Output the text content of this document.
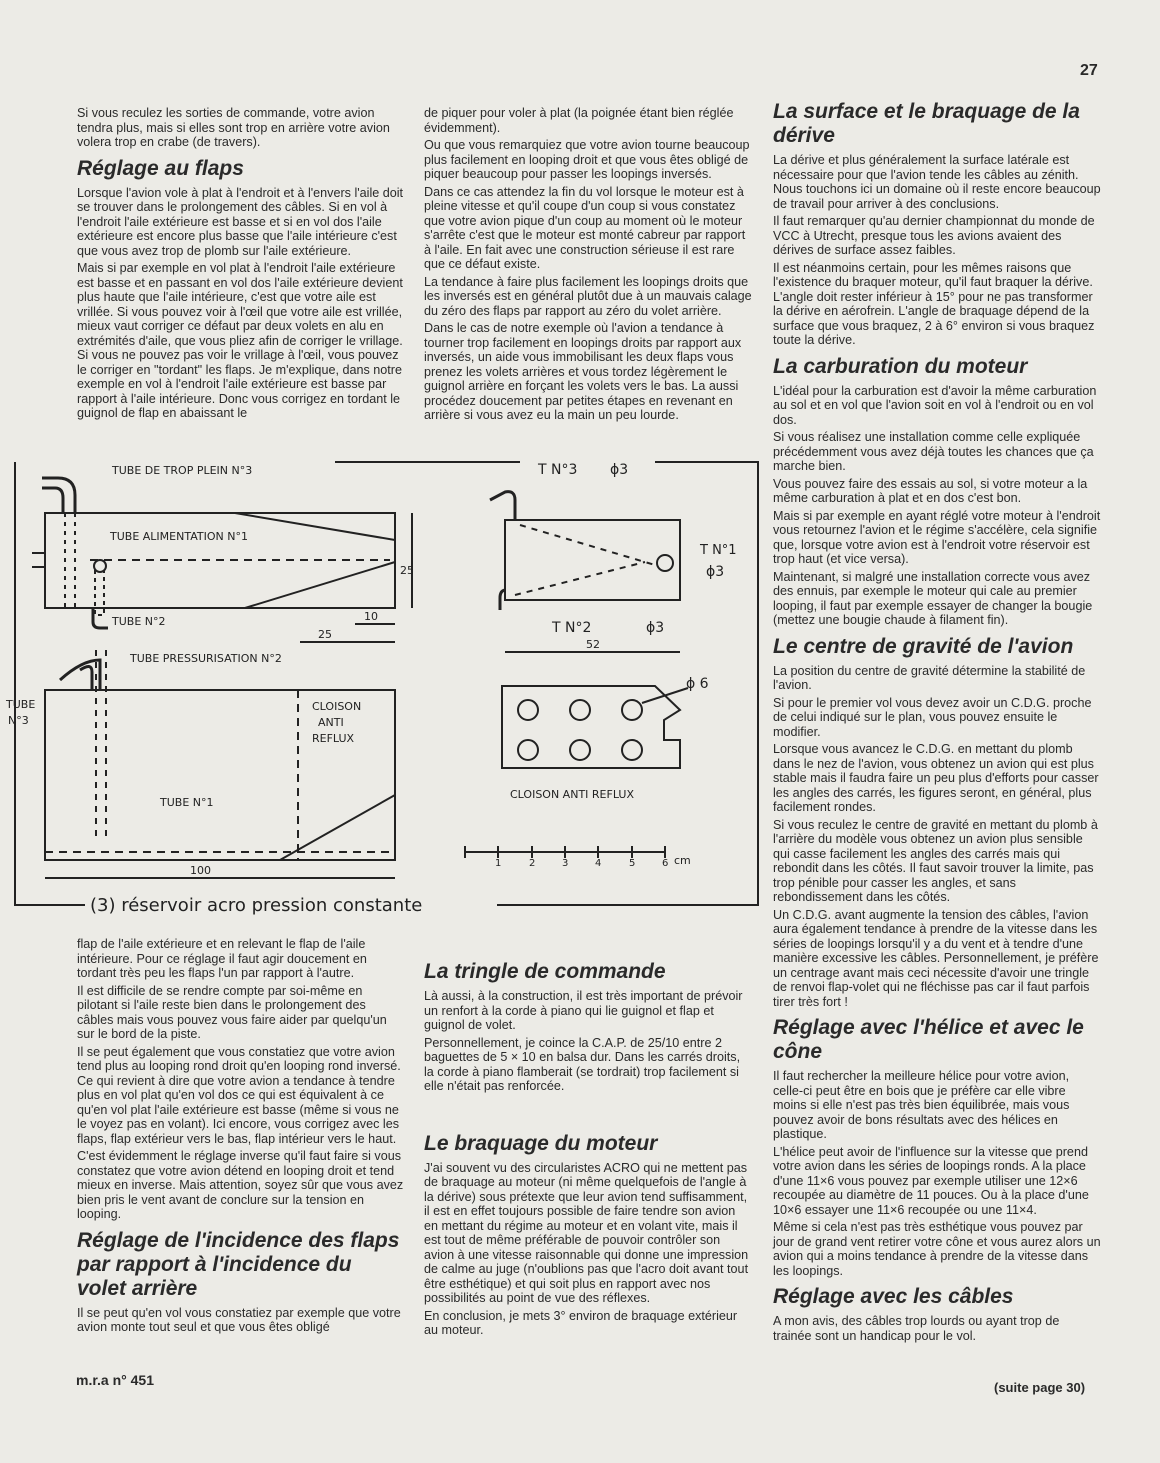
27

Si vous reculez les sorties de commande, votre avion tendra plus, mais si elles sont trop en arrière votre avion volera trop en crabe (de travers).

Réglage au flaps

Lorsque l'avion vole à plat à l'endroit et à l'envers l'aile doit se trouver dans le prolongement des câbles. Si en vol à l'endroit l'aile extérieure est basse et si en vol dos l'aile extérieure est encore plus basse que l'aile intérieure c'est que vous avez trop de plomb sur l'aile extérieure.

Mais si par exemple en vol plat à l'endroit l'aile extérieure est basse et en passant en vol dos l'aile extérieure devient plus haute que l'aile intérieure, c'est que votre aile est vrillée. Si vous pouvez voir à l'œil que votre aile est vrillée, mieux vaut corriger ce défaut par deux volets en alu en extrémités d'aile, que vous pliez afin de corriger le vrillage. Si vous ne pouvez pas voir le vrillage à l'œil, vous pouvez le corriger en "tordant" les flaps. Je m'explique, dans notre exemple en vol à l'endroit l'aile extérieure est basse par rapport à l'aile intérieure. Donc vous corrigez en tordant le guignol de flap en abaissant le

de piquer pour voler à plat (la poignée étant bien réglée évidemment).

Ou que vous remarquiez que votre avion tourne beaucoup plus facilement en looping droit et que vous êtes obligé de piquer beaucoup pour passer les loopings inversés.

Dans ce cas attendez la fin du vol lorsque le moteur est à pleine vitesse et qu'il coupe d'un coup si vous constatez que votre avion pique d'un coup au moment où le moteur s'arrête c'est que le moteur est monté cabreur par rapport à l'aile. En fait avec une construction sérieuse il est rare que ce défaut existe.

La tendance à faire plus facilement les loopings droits que les inversés est en général plutôt due à un mauvais calage du zéro des flaps par rapport au zéro du volet arrière.

Dans le cas de notre exemple où l'avion a tendance à tourner trop facilement en loopings droits par rapport aux inversés, un aide vous immobilisant les deux flaps vous prenez les volets arrières et vous tordez légèrement le guignol arrière en forçant les volets vers le bas. La aussi procédez doucement par petites étapes en revenant en arrière si vous avez eu la main un peu lourde.

La surface et le braquage de la dérive

La dérive et plus généralement la surface latérale est nécessaire pour que l'avion tende les câbles au zénith. Nous touchons ici un domaine où il reste encore beaucoup de travail pour arriver à des conclusions.

Il faut remarquer qu'au dernier championnat du monde de VCC à Utrecht, presque tous les avions avaient des dérives de surface assez faibles.

Il est néanmoins certain, pour les mêmes raisons que l'existence du braquer moteur, qu'il faut braquer la dérive. L'angle doit rester inférieur à 15° pour ne pas transformer la dérive en aérofrein. L'angle de braquage dépend de la surface que vous braquez, 2 à 6° environ si vous braquez toute la dérive.

La carburation du moteur

L'idéal pour la carburation est d'avoir la même carburation au sol et en vol que l'avion soit en vol à l'endroit ou en vol dos.

Si vous réalisez une installation comme celle expliquée précédemment vous avez déjà toutes les chances que ça marche bien.

Vous pouvez faire des essais au sol, si votre moteur a la même carburation à plat et en dos c'est bon.

Mais si par exemple en ayant réglé votre moteur à l'endroit vous retournez l'avion et le régime s'accélère, cela signifie que, lorsque votre avion est à l'endroit votre réservoir est trop haut (et vice versa).

Maintenant, si malgré une installation correcte vous avez des ennuis, par exemple le moteur qui cale au premier looping, il faut par exemple essayer de changer la bougie (mettez une bougie chaude à filament fin).

Le centre de gravité de l'avion

La position du centre de gravité détermine la stabilité de l'avion.

Si pour le premier vol vous devez avoir un C.D.G. proche de celui indiqué sur le plan, vous pouvez ensuite le modifier.

Lorsque vous avancez le C.D.G. en mettant du plomb dans le nez de l'avion, vous obtenez un avion qui est plus stable mais il faudra faire un peu plus d'efforts pour casser les angles des carrés, les figures seront, en général, plus facilement rondes.

Si vous reculez le centre de gravité en mettant du plomb à l'arrière du modèle vous obtenez un avion plus sensible qui casse facilement les angles des carrés mais qui rebondit dans les côtés. Il faut savoir trouver la limite, pas trop pénible pour casser les angles, et sans rebondissement dans les côtés.

Un C.D.G. avant augmente la tension des câbles, l'avion aura également tendance à prendre de la vitesse dans les séries de loopings lorsqu'il y a du vent et à tendre d'une manière excessive les câbles. Personnellement, je préfère un centrage avant mais ceci nécessite d'avoir une tringle de renvoi flap-volet qui ne fléchisse pas car il faut parfois tirer très fort !

Réglage avec l'hélice et avec le cône

Il faut rechercher la meilleure hélice pour votre avion, celle-ci peut être en bois que je préfère car elle vibre moins si elle n'est pas très bien équilibrée, mais vous pouvez avoir de bons résultats avec des hélices en plastique.

L'hélice peut avoir de l'influence sur la vitesse que prend votre avion dans les séries de loopings ronds. A la place d'une 11×6 vous pouvez par exemple utiliser une 12×6 recoupée au diamètre de 11 pouces. Ou à la place d'une 10×6 essayer une 11×6 recoupée ou une 11×4.

Même si cela n'est pas très esthétique vous pouvez par jour de grand vent retirer votre cône et vous aurez alors un avion qui a moins tendance à prendre de la vitesse dans les loopings.

Réglage avec les câbles

A mon avis, des câbles trop lourds ou ayant trop de trainée sont un handicap pour le vol.

flap de l'aile extérieure et en relevant le flap de l'aile intérieure. Pour ce réglage il faut agir doucement en tordant très peu les flaps l'un par rapport à l'autre.

Il est difficile de se rendre compte par soi-même en pilotant si l'aile reste bien dans le prolongement des câbles mais vous pouvez vous faire aider par quelqu'un sur le bord de la piste.

Il se peut également que vous constatiez que votre avion tend plus au looping rond droit qu'en looping rond inversé. Ce qui revient à dire que votre avion a tendance à tendre plus en vol plat qu'en vol dos ce qui est équivalent à ce qu'en vol plat l'aile extérieure est basse (même si vous ne le voyez pas en volant). Ici encore, vous corrigez avec les flaps, flap extérieur vers le bas, flap intérieur vers le haut.

C'est évidemment le réglage inverse qu'il faut faire si vous constatez que votre avion détend en looping droit et tend mieux en inverse. Mais attention, soyez sûr que vous avez bien pris le vent avant de conclure sur la tension en looping.

Réglage de l'incidence des flaps par rapport à l'incidence du volet arrière

Il se peut qu'en vol vous constatiez par exemple que votre avion monte tout seul et que vous êtes obligé

La tringle de commande

Là aussi, à la construction, il est très important de prévoir un renfort à la corde à piano qui lie guignol et flap et guignol de volet.

Personnellement, je coince la C.A.P. de 25/10 entre 2 baguettes de 5 × 10 en balsa dur. Dans les carrés droits, la corde à piano flamberait (se tordrait) trop facilement si elle n'était pas renforcée.

Le braquage du moteur

J'ai souvent vu des circularistes ACRO qui ne mettent pas de braquage au moteur (ni même quelquefois de l'angle à la dérive) sous prétexte que leur avion tend suffisamment, il est en effet toujours possible de faire tendre son avion en mettant du régime au moteur et en volant vite, mais il est tout de même préférable de pouvoir contrôler son avion à une vitesse raisonnable qui donne une impression de calme au juge (n'oublions pas que l'acro doit avant tout être esthétique) et qui soit plus en rapport avec nos possibilités au point de vue des réflexes.

En conclusion, je mets 3° environ de braquage extérieur au moteur.

TUBE DE TROP PLEIN N°3
TUBE ALIMENTATION N°1
TUBE N°2
TUBE PRESSURISATION N°2
TUBE
N°3
CLOISON
ANTI
REFLUX
TUBE N°1
T N°3 ϕ3
T N°1
ϕ3
T N°2	ϕ3
ϕ 6
CLOISON ANTI REFLUX
25
25
10
52
100
1	2	3	4	5	6 cm
(3) réservoir acro pression constante
m.r.a n° 451	(suite page 30)
